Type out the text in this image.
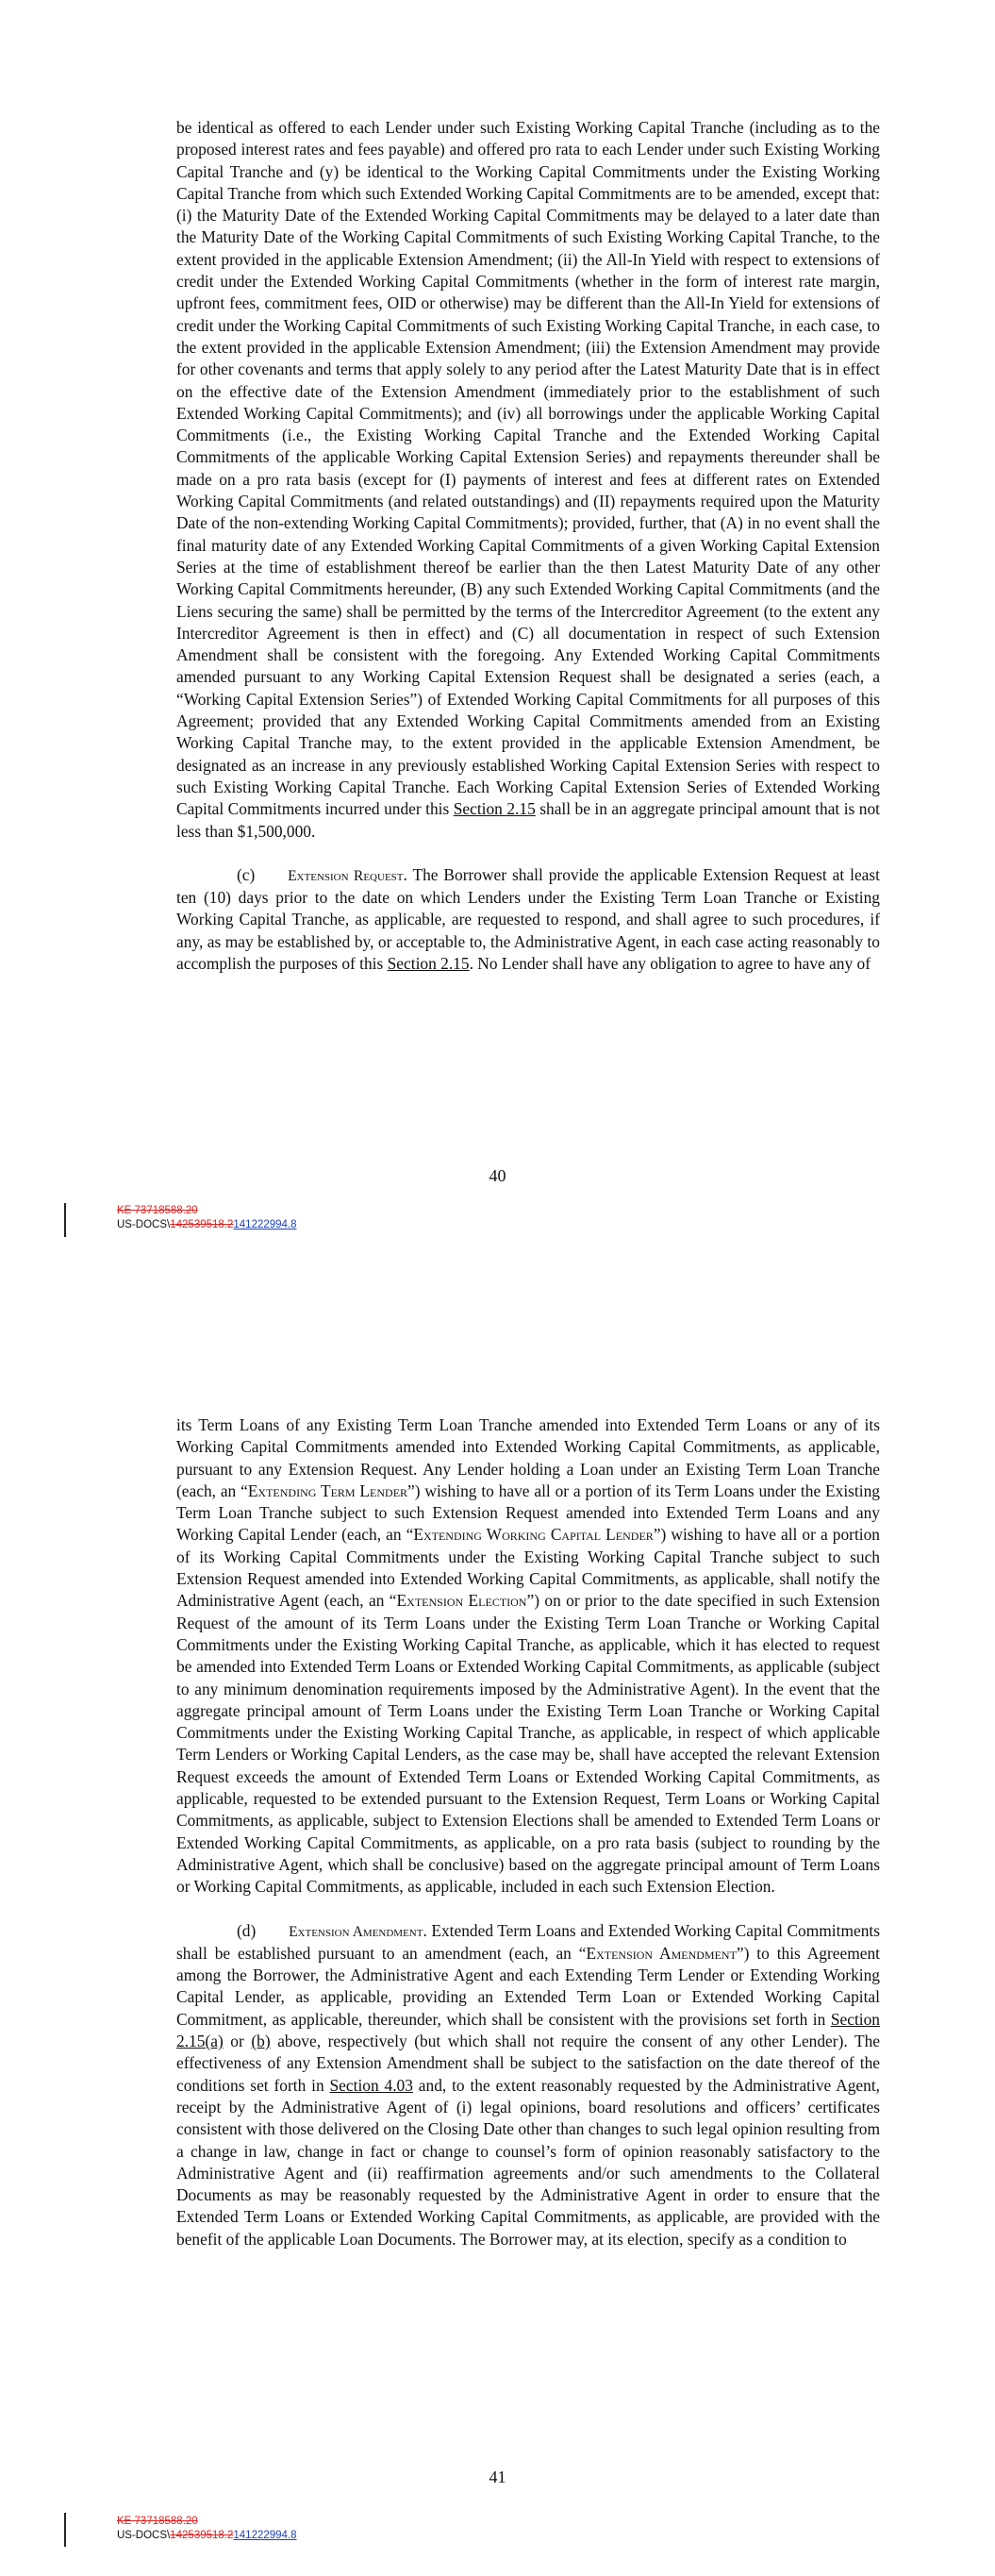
be identical as offered to each Lender under such Existing Working Capital Tranche (including as to the proposed interest rates and fees payable) and offered pro rata to each Lender under such Existing Working Capital Tranche and (y) be identical to the Working Capital Commitments under the Existing Working Capital Tranche from which such Extended Working Capital Commitments are to be amended, except that: (i) the Maturity Date of the Extended Working Capital Commitments may be delayed to a later date than the Maturity Date of the Working Capital Commitments of such Existing Working Capital Tranche, to the extent provided in the applicable Extension Amendment; (ii) the All-In Yield with respect to extensions of credit under the Extended Working Capital Commitments (whether in the form of interest rate margin, upfront fees, commitment fees, OID or otherwise) may be different than the All-In Yield for extensions of credit under the Working Capital Commitments of such Existing Working Capital Tranche, in each case, to the extent provided in the applicable Extension Amendment; (iii) the Extension Amendment may provide for other covenants and terms that apply solely to any period after the Latest Maturity Date that is in effect on the effective date of the Extension Amendment (immediately prior to the establishment of such Extended Working Capital Commitments); and (iv) all borrowings under the applicable Working Capital Commitments (i.e., the Existing Working Capital Tranche and the Extended Working Capital Commitments of the applicable Working Capital Extension Series) and repayments thereunder shall be made on a pro rata basis (except for (I) payments of interest and fees at different rates on Extended Working Capital Commitments (and related outstandings) and (II) repayments required upon the Maturity Date of the non-extending Working Capital Commitments); provided, further, that (A) in no event shall the final maturity date of any Extended Working Capital Commitments of a given Working Capital Extension Series at the time of establishment thereof be earlier than the then Latest Maturity Date of any other Working Capital Commitments hereunder, (B) any such Extended Working Capital Commitments (and the Liens securing the same) shall be permitted by the terms of the Intercreditor Agreement (to the extent any Intercreditor Agreement is then in effect) and (C) all documentation in respect of such Extension Amendment shall be consistent with the foregoing. Any Extended Working Capital Commitments amended pursuant to any Working Capital Extension Request shall be designated a series (each, a “Working Capital Extension Series”) of Extended Working Capital Commitments for all purposes of this Agreement; provided that any Extended Working Capital Commitments amended from an Existing Working Capital Tranche may, to the extent provided in the applicable Extension Amendment, be designated as an increase in any previously established Working Capital Extension Series with respect to such Existing Working Capital Tranche. Each Working Capital Extension Series of Extended Working Capital Commitments incurred under this Section 2.15 shall be in an aggregate principal amount that is not less than $1,500,000.

(c)   Extension Request. The Borrower shall provide the applicable Extension Request at least ten (10) days prior to the date on which Lenders under the Existing Term Loan Tranche or Existing Working Capital Tranche, as applicable, are requested to respond, and shall agree to such procedures, if any, as may be established by, or acceptable to, the Administrative Agent, in each case acting reasonably to accomplish the purposes of this Section 2.15. No Lender shall have any obligation to agree to have any of

40
KE 73718588.20
US-DOCS\142539518.2141222994.8

its Term Loans of any Existing Term Loan Tranche amended into Extended Term Loans or any of its Working Capital Commitments amended into Extended Working Capital Commitments, as applicable, pursuant to any Extension Request. Any Lender holding a Loan under an Existing Term Loan Tranche (each, an “Extending Term Lender”) wishing to have all or a portion of its Term Loans under the Existing Term Loan Tranche subject to such Extension Request amended into Extended Term Loans and any Working Capital Lender (each, an “Extending Working Capital Lender”) wishing to have all or a portion of its Working Capital Commitments under the Existing Working Capital Tranche subject to such Extension Request amended into Extended Working Capital Commitments, as applicable, shall notify the Administrative Agent (each, an “Extension Election”) on or prior to the date specified in such Extension Request of the amount of its Term Loans under the Existing Term Loan Tranche or Working Capital Commitments under the Existing Working Capital Tranche, as applicable, which it has elected to request be amended into Extended Term Loans or Extended Working Capital Commitments, as applicable (subject to any minimum denomination requirements imposed by the Administrative Agent). In the event that the aggregate principal amount of Term Loans under the Existing Term Loan Tranche or Working Capital Commitments under the Existing Working Capital Tranche, as applicable, in respect of which applicable Term Lenders or Working Capital Lenders, as the case may be, shall have accepted the relevant Extension Request exceeds the amount of Extended Term Loans or Extended Working Capital Commitments, as applicable, requested to be extended pursuant to the Extension Request, Term Loans or Working Capital Commitments, as applicable, subject to Extension Elections shall be amended to Extended Term Loans or Extended Working Capital Commitments, as applicable, on a pro rata basis (subject to rounding by the Administrative Agent, which shall be conclusive) based on the aggregate principal amount of Term Loans or Working Capital Commitments, as applicable, included in each such Extension Election.

(d)   Extension Amendment. Extended Term Loans and Extended Working Capital Commitments shall be established pursuant to an amendment (each, an “Extension Amendment”) to this Agreement among the Borrower, the Administrative Agent and each Extending Term Lender or Extending Working Capital Lender, as applicable, providing an Extended Term Loan or Extended Working Capital Commitment, as applicable, thereunder, which shall be consistent with the provisions set forth in Section 2.15(a) or (b) above, respectively (but which shall not require the consent of any other Lender). The effectiveness of any Extension Amendment shall be subject to the satisfaction on the date thereof of the conditions set forth in Section 4.03 and, to the extent reasonably requested by the Administrative Agent, receipt by the Administrative Agent of (i) legal opinions, board resolutions and officers’ certificates consistent with those delivered on the Closing Date other than changes to such legal opinion resulting from a change in law, change in fact or change to counsel’s form of opinion reasonably satisfactory to the Administrative Agent and (ii) reaffirmation agreements and/or such amendments to the Collateral Documents as may be reasonably requested by the Administrative Agent in order to ensure that the Extended Term Loans or Extended Working Capital Commitments, as applicable, are provided with the benefit of the applicable Loan Documents. The Borrower may, at its election, specify as a condition to

41
KE 73718588.20
US-DOCS\142539518.2141222994.8
